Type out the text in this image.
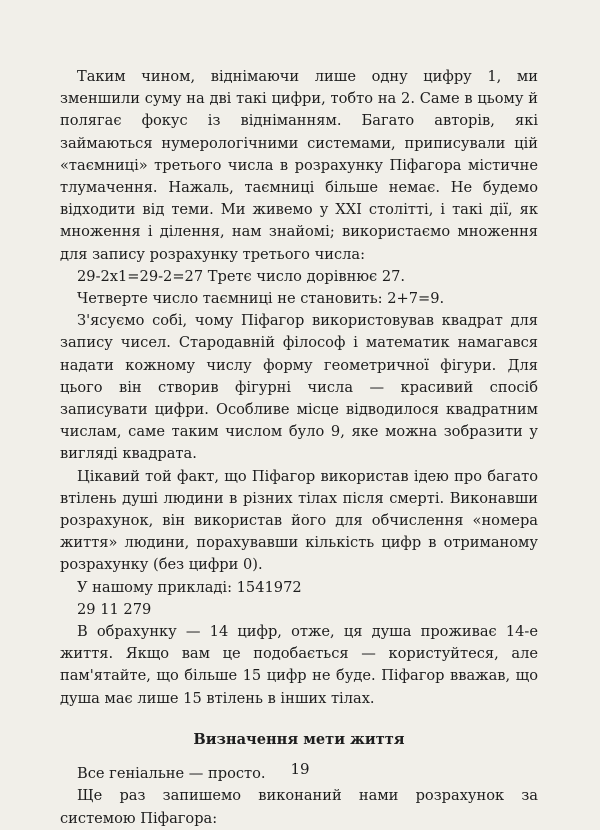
Таким чином, віднімаючи лише одну цифру 1, ми зменшили суму на дві такі цифри, тобто на 2. Саме в цьому й полягає фокус із відніманням. Багато авторів, які займаються нумерологічними системами, приписували цій «таємниці» третього числа в розрахунку Піфагора містичне тлумачення. Нажаль, таємниці більше немає. Не будемо відходити від теми. Ми живемо у XXI столітті, і такі дії, як множення і ділення, нам знайомі; використаємо множення для запису розрахунку третього числа:

29-2х1=29-2=27 Третє число дорівнює 27.

Четверте число таємниці не становить: 2+7=9.

З'ясуємо собі, чому Піфагор використовував квадрат для запису чисел. Стародавній філософ і математик намагався надати кожному числу форму геометричної фігури. Для цього він створив фігурні числа — красивий спосіб записувати цифри. Особливе місце відводилося квадратним числам, саме таким числом було 9, яке можна зобразити у вигляді квадрата.

Цікавий той факт, що Піфагор використав ідею про багато втілень душі людини в різних тілах після смерті. Виконавши розрахунок, він використав його для обчислення «номера життя» людини, порахувавши кількість цифр в отриманому розрахунку (без цифри 0).

У нашому прикладі: 1541972

29 11 279

В обрахунку — 14 цифр, отже, ця душа проживає 14-е життя. Якщо вам це подобається — користуйтеся, але пам'ятайте, що більше 15 цифр не буде. Піфагор вважав, що душа має лише 15 втілень в інших тілах.

Визначення мети життя

Все геніальне — просто.

Ще раз запишемо виконаний нами розрахунок за системою Піфагора:

19
